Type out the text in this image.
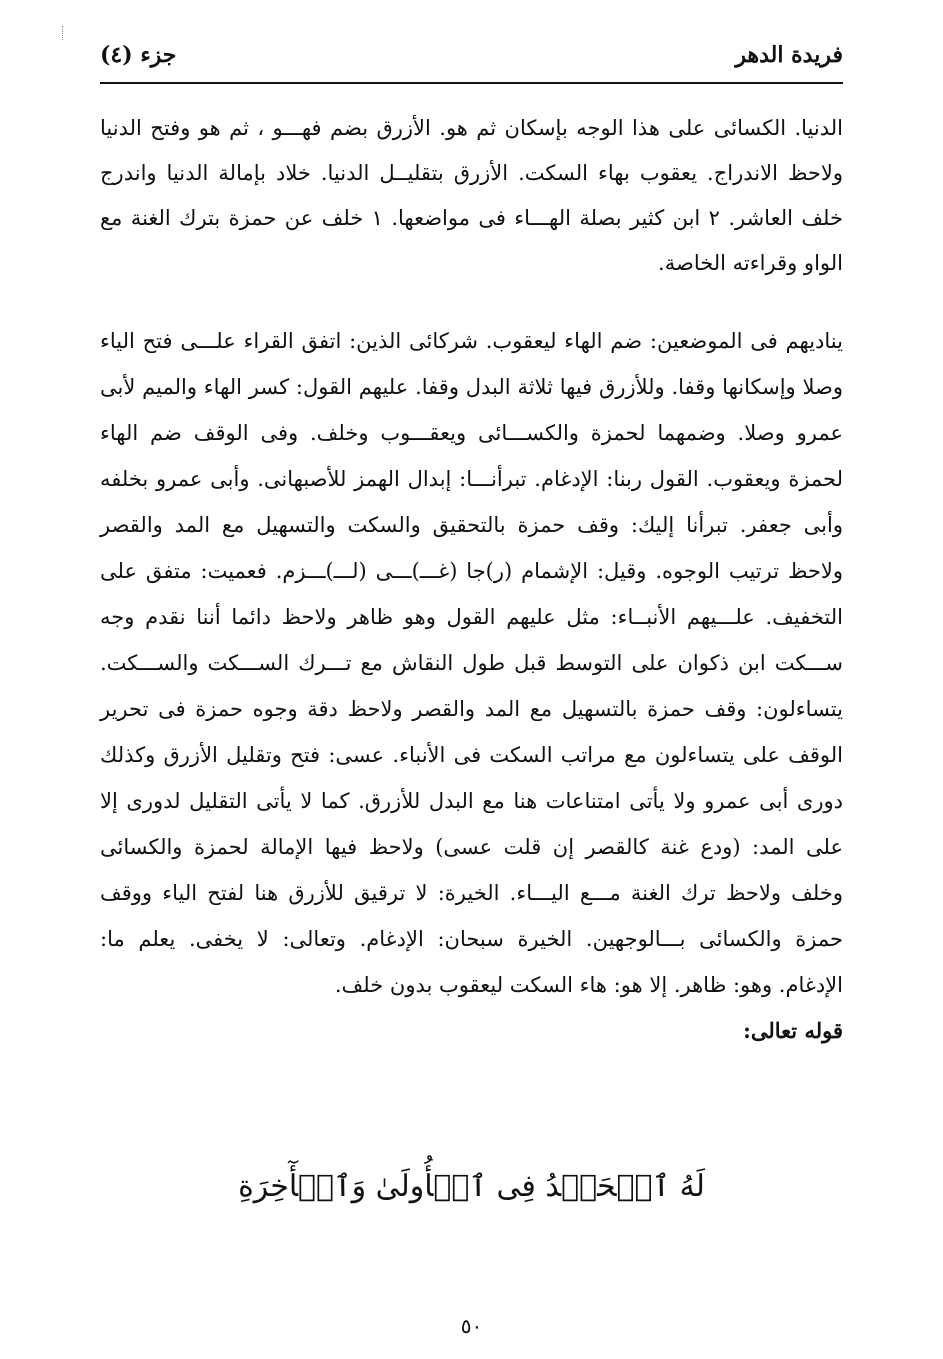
فريدة الدهر
جزء (٤)
الدنيا. الكسائى على هذا الوجه بإسكان ثم هو. الأزرق بضم فهـــو ، ثم هو وفتح الدنيا ولاحظ الاندراج. يعقوب بهاء السكت. الأزرق بتقليــل الدنيا. خلاد بإمالة الدنيا واندرج خلف العاشر. ٢ ابن كثير بصلة الهـــاء فى مواضعها. ١ خلف عن حمزة بترك الغنة مع الواو وقراءته الخاصة.
يناديهم فى الموضعين: ضم الهاء ليعقوب. شركائى الذين: اتفق القراء علـــى فتح الياء وصلا وإسكانها وقفا. وللأزرق فيها ثلاثة البدل وقفا. عليهم القول: كسر الهاء والميم لأبى عمرو وصلا. وضمهما لحمزة والكســـائى ويعقـــوب وخلف. وفى الوقف ضم الهاء لحمزة ويعقوب. القول ربنا: الإدغام. تبرأنـــا: إبدال الهمز للأصبهانى. وأبى عمرو بخلفه وأبى جعفر. تبرأنا إليك: وقف حمزة بالتحقيق والسكت والتسهيل مع المد والقصر ولاحظ ترتيب الوجوه. وقيل: الإشمام (ر)جا (غـــ)ـــى (لـــ)ـــزم. فعميت: متفق على التخفيف. علـــيهم الأنبــاء: مثل عليهم القول وهو ظاهر ولاحظ دائما أننا نقدم وجه ســـكت ابن ذكوان على التوسط قبل طول النقاش مع تـــرك الســـكت والســـكت. يتساءلون: وقف حمزة بالتسهيل مع المد والقصر ولاحظ دقة وجوه حمزة فى تحرير الوقف على يتساءلون مع مراتب السكت فى الأنباء. عسى: فتح وتقليل الأزرق وكذلك دورى أبى عمرو ولا يأتى امتناعات هنا مع البدل للأزرق. كما لا يأتى التقليل لدورى إلا على المد: (ودع غنة كالقصر إن قلت عسى) ولاحظ فيها الإمالة لحمزة والكسائى وخلف ولاحظ ترك الغنة مـــع اليـــاء. الخيرة: لا ترقيق للأزرق هنا لفتح الياء ووقف حمزة والكسائى بـــالوجهين. الخيرة سبحان: الإدغام. وتعالى: لا يخفى. يعلم ما: الإدغام. وهو: ظاهر. إلا هو: هاء السكت ليعقوب بدون خلف.
قوله تعالى:
لَهُ ٱلۡحَمۡدُ فِى ٱلۡأُولَىٰ وَٱلۡأٓخِرَةِ
٥٠
